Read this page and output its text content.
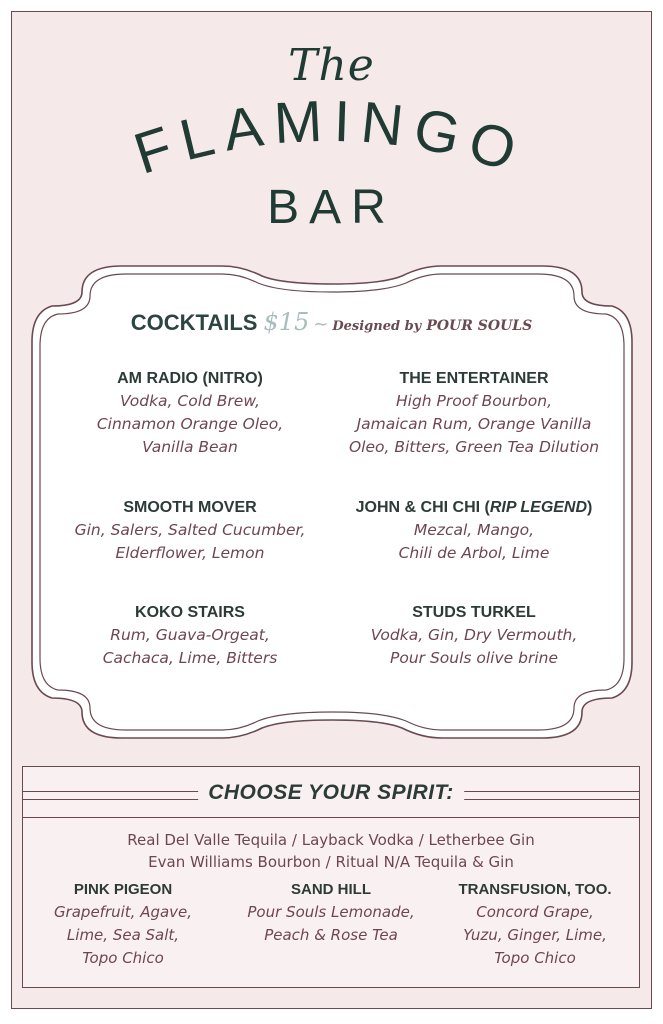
The
FLAMINGO
BAR
COCKTAILS $15 ~ Designed by POUR SOULS
AM RADIO (NITRO)
Vodka, Cold Brew,
Cinnamon Orange Oleo,
Vanilla Bean
THE ENTERTAINER
High Proof Bourbon,
Jamaican Rum, Orange Vanilla
Oleo, Bitters, Green Tea Dilution
SMOOTH MOVER
Gin, Salers, Salted Cucumber,
Elderflower, Lemon
JOHN & CHI CHI (RIP LEGEND)
Mezcal, Mango,
Chili de Arbol, Lime
KOKO STAIRS
Rum, Guava-Orgeat,
Cachaca, Lime, Bitters
STUDS TURKEL
Vodka, Gin, Dry Vermouth,
Pour Souls olive brine
CHOOSE YOUR SPIRIT:
Real Del Valle Tequila / Layback Vodka / Letherbee Gin
Evan Williams Bourbon / Ritual N/A Tequila & Gin
PINK PIGEON
Grapefruit, Agave,
Lime, Sea Salt,
Topo Chico
SAND HILL
Pour Souls Lemonade,
Peach & Rose Tea
TRANSFUSION, TOO.
Concord Grape,
Yuzu, Ginger, Lime,
Topo Chico
